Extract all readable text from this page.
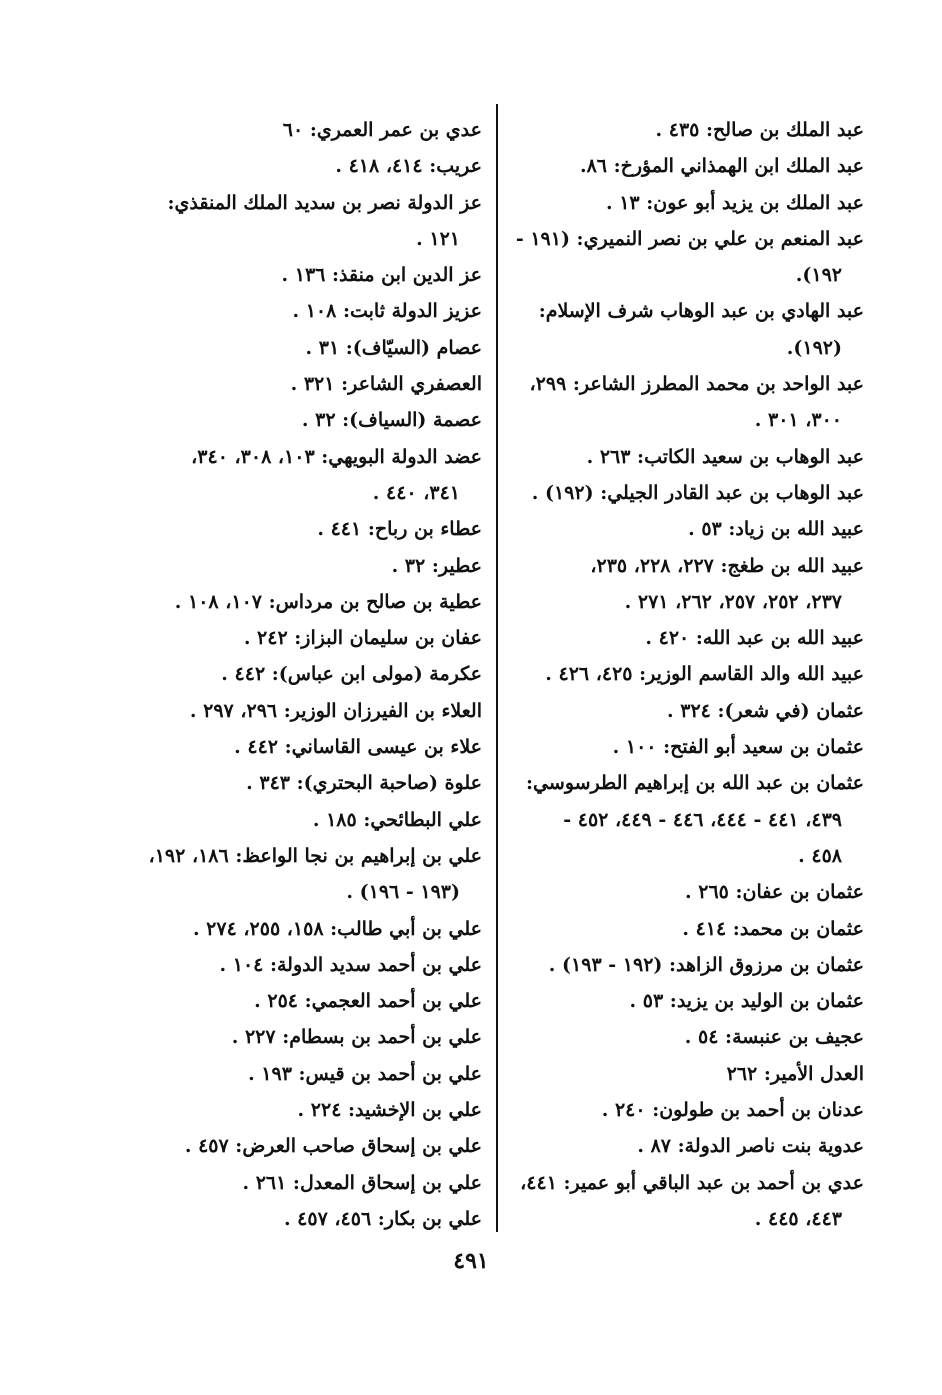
عبد الملك بن صالح: ٤٣٥ .
عبد الملك ابن الهمذاني المؤرخ: ٨٦.
عبد الملك بن يزيد أبو عون: ١٣ .
عبد المنعم بن علي بن نصر النميري: (١٩١ -
١٩٢).
عبد الهادي بن عبد الوهاب شرف الإسلام:
(١٩٢).
عبد الواحد بن محمد المطرز الشاعر: ٢٩٩،
٣٠٠، ٣٠١ .
عبد الوهاب بن سعيد الكاتب: ٢٦٣ .
عبد الوهاب بن عبد القادر الجيلي: (١٩٢) .
عبيد الله بن زياد: ٥٣ .
عبيد الله بن طغج: ٢٢٧، ٢٢٨، ٢٣٥،
٢٣٧، ٢٥٢، ٢٥٧، ٢٦٢، ٢٧١ .
عبيد الله بن عبد الله: ٤٢٠ .
عبيد الله والد القاسم الوزير: ٤٢٥، ٤٢٦ .
عثمان (في شعر): ٣٢٤ .
عثمان بن سعيد أبو الفتح: ١٠٠ .
عثمان بن عبد الله بن إبراهيم الطرسوسي:
٤٣٩، ٤٤١ - ٤٤٤، ٤٤٦ - ٤٤٩، ٤٥٢ -
٤٥٨ .
عثمان بن عفان: ٢٦٥ .
عثمان بن محمد: ٤١٤ .
عثمان بن مرزوق الزاهد: (١٩٢ - ١٩٣) .
عثمان بن الوليد بن يزيد: ٥٣ .
عجيف بن عنبسة: ٥٤ .
العدل الأمير: ٢٦٢
عدنان بن أحمد بن طولون: ٢٤٠ .
عدوية بنت ناصر الدولة: ٨٧ .
عدي بن أحمد بن عبد الباقي أبو عمير: ٤٤١،
٤٤٣، ٤٤٥ .
عدي بن عمر العمري: ٦٠
عريب: ٤١٤، ٤١٨ .
عز الدولة نصر بن سديد الملك المنقذي:
١٢١ .
عز الدين ابن منقذ: ١٣٦ .
عزيز الدولة ثابت: ١٠٨ .
عصام (السيّاف): ٣١ .
العصفري الشاعر: ٣٢١ .
عصمة (السياف): ٣٢ .
عضد الدولة البويهي: ١٠٣، ٣٠٨، ٣٤٠،
٣٤١، ٤٤٠ .
عطاء بن رباح: ٤٤١ .
عطير: ٣٢ .
عطية بن صالح بن مرداس: ١٠٧، ١٠٨ .
عفان بن سليمان البزاز: ٢٤٢ .
عكرمة (مولى ابن عباس): ٤٤٢ .
العلاء بن الفيرزان الوزير: ٢٩٦، ٢٩٧ .
علاء بن عيسى القاساني: ٤٤٢ .
علوة (صاحبة البحتري): ٣٤٣ .
علي البطائحي: ١٨٥ .
علي بن إبراهيم بن نجا الواعظ: ١٨٦، ١٩٢،
(١٩٣ - ١٩٦) .
علي بن أبي طالب: ١٥٨، ٢٥٥، ٢٧٤ .
علي بن أحمد سديد الدولة: ١٠٤ .
علي بن أحمد العجمي: ٢٥٤ .
علي بن أحمد بن بسطام: ٢٢٧ .
علي بن أحمد بن قيس: ١٩٣ .
علي بن الإخشيد: ٢٢٤ .
علي بن إسحاق صاحب العرض: ٤٥٧ .
علي بن إسحاق المعدل: ٢٦١ .
علي بن بكار: ٤٥٦، ٤٥٧ .
٤٩١
